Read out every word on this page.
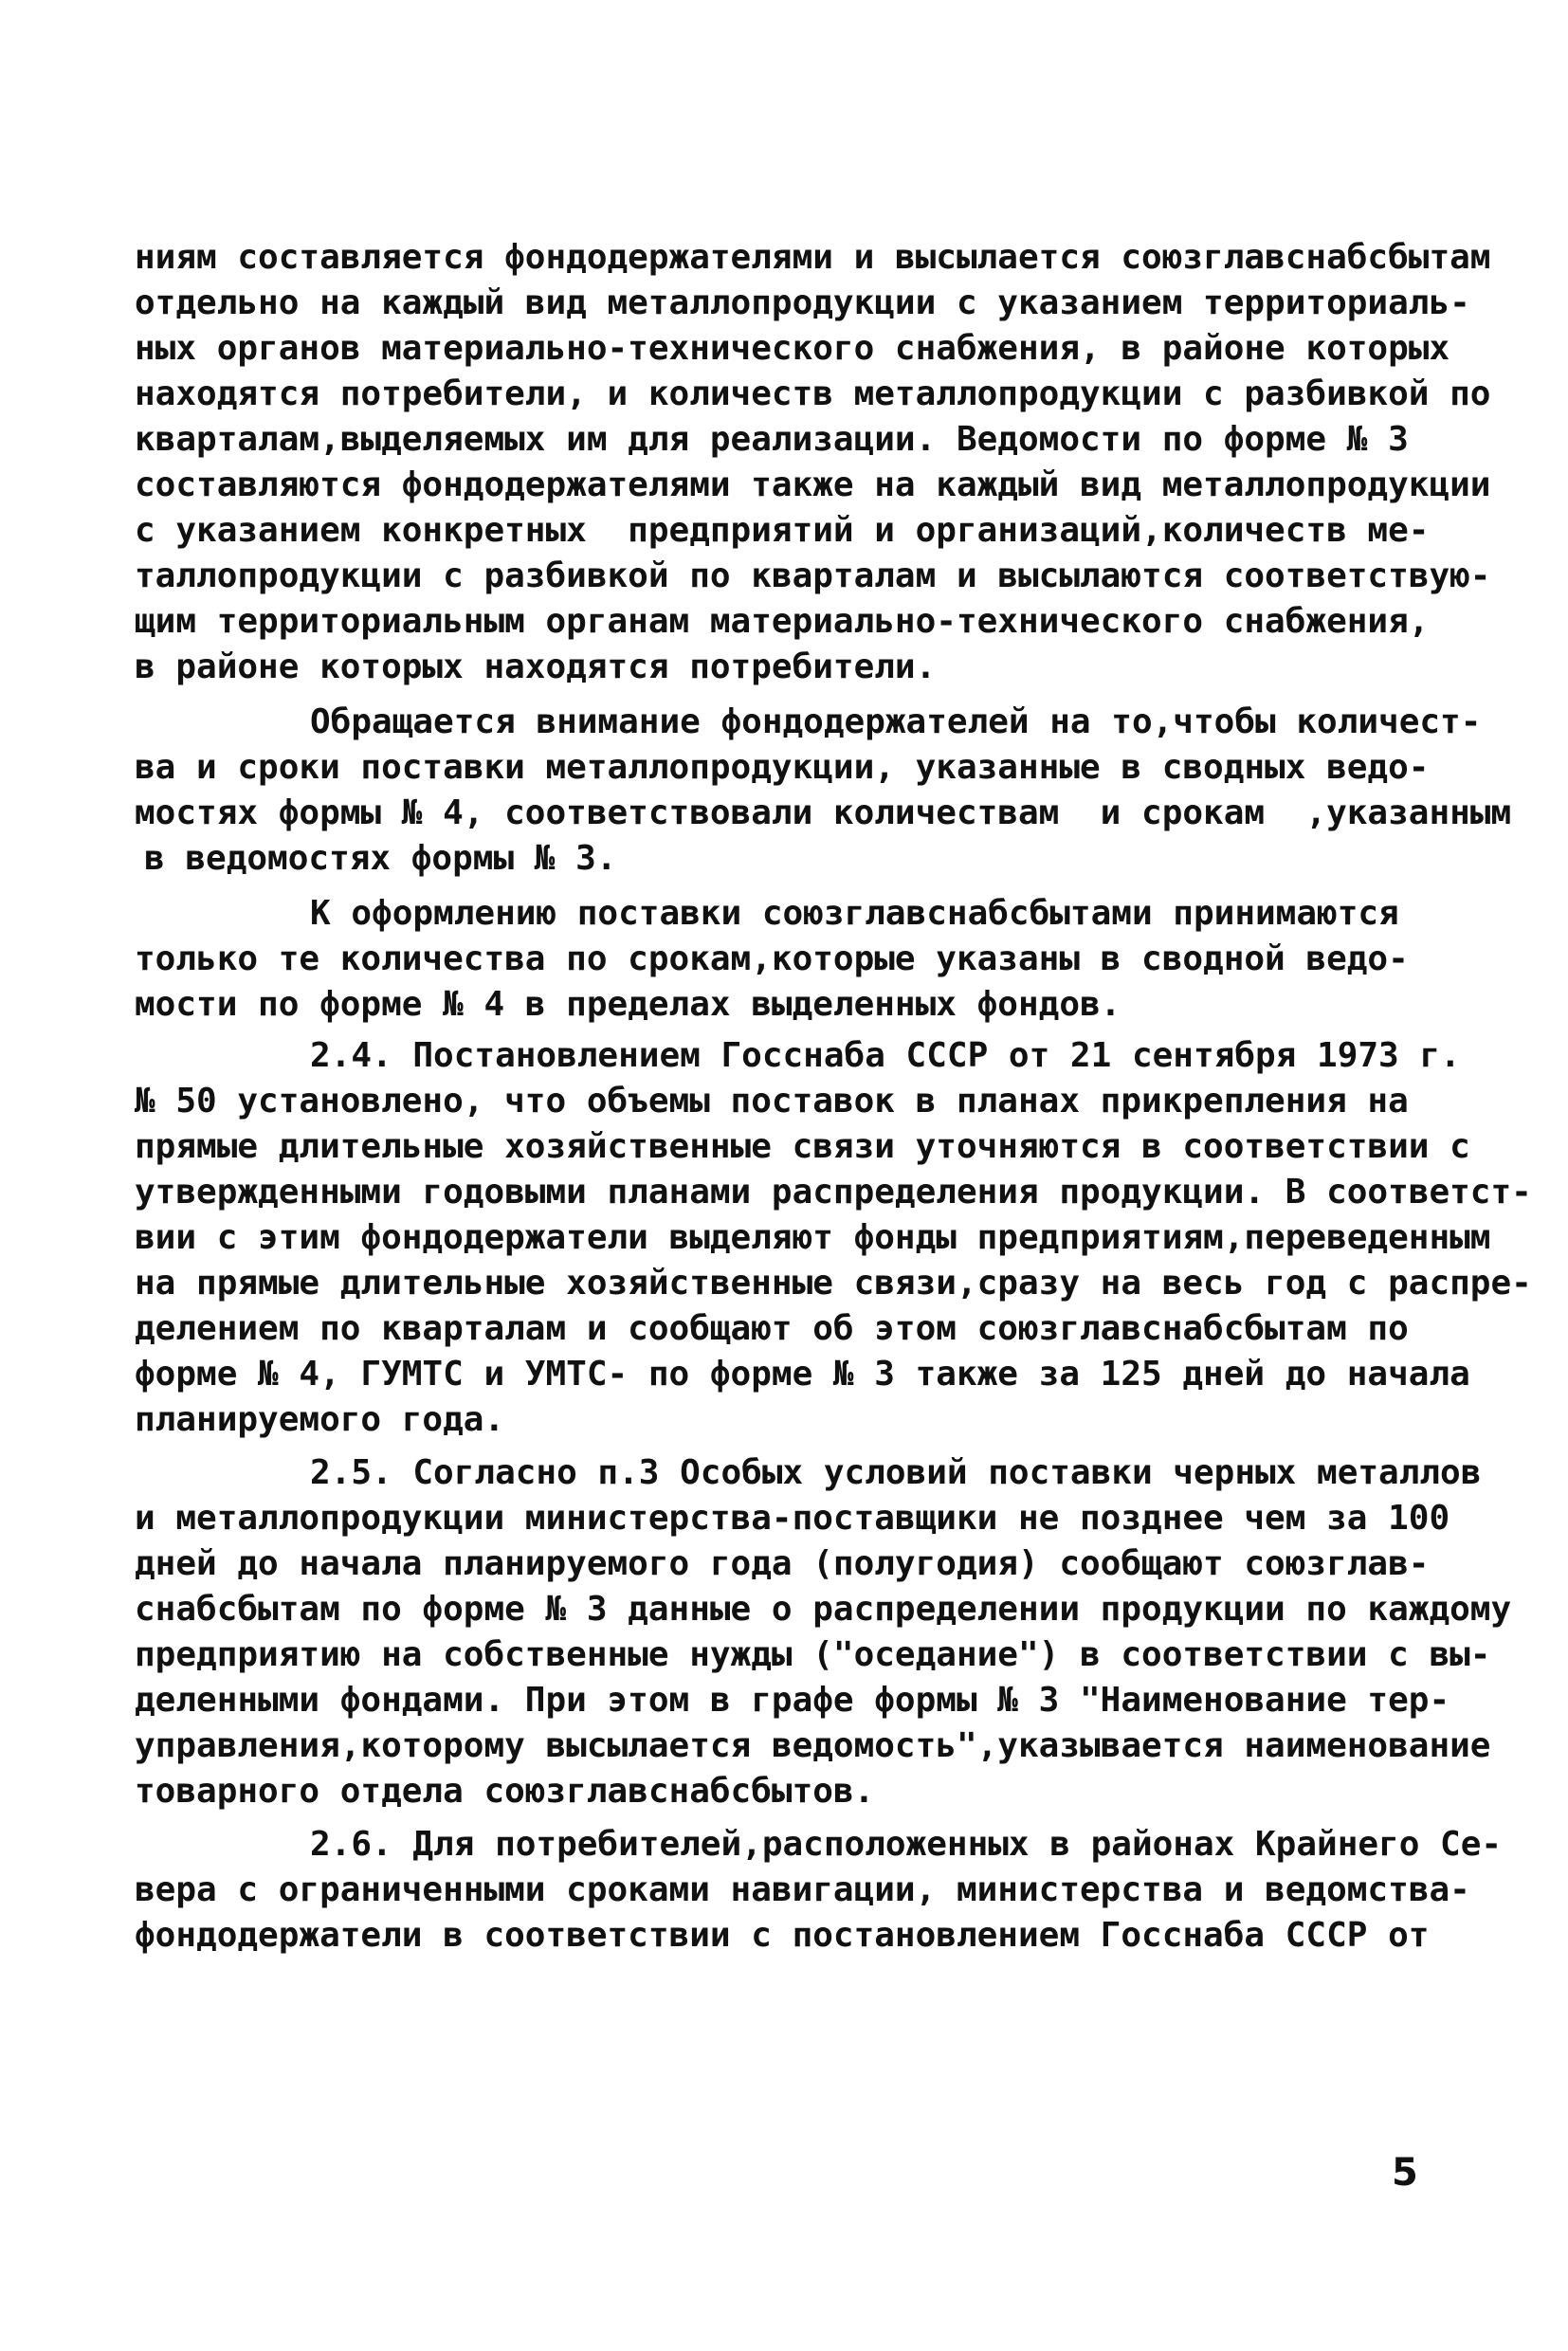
ниям составляется фондодержателями и высылается союзглавснабсбытам
отдельно на каждый вид металлопродукции с указанием территориаль-
ных органов материально-технического снабжения, в районе которых
находятся потребители, и количеств металлопродукции с разбивкой по
кварталам,выделяемых им для реализации. Ведомости по форме № 3
составляются фондодержателями также на каждый вид металлопродукции
с указанием конкретных  предприятий и организаций,количеств ме-
таллопродукции с разбивкой по кварталам и высылаются соответствую-
щим территориальным органам материально-технического снабжения,
в районе которых находятся потребители.
Обращается внимание фондодержателей на то,чтобы количест-
ва и сроки поставки металлопродукции, указанные в сводных ведо-
мостях формы № 4, соответствовали количествам  и срокам  ,указанным
в ведомостях формы № 3.
К оформлению поставки союзглавснабсбытами принимаются
только те количества по срокам,которые указаны в сводной ведо-
мости по форме № 4 в пределах выделенных фондов.
2.4. Постановлением Госснаба СССР от 21 сентября 1973 г.
№ 50 установлено, что объемы поставок в планах прикрепления на
прямые длительные хозяйственные связи уточняются в соответствии с
утвержденными годовыми планами распределения продукции. В соответст-
вии с этим фондодержатели выделяют фонды предприятиям,переведенным
на прямые длительные хозяйственные связи,сразу на весь год с распре-
делением по кварталам и сообщают об этом союзглавснабсбытам по
форме № 4, ГУМТС и УМТС- по форме № 3 также за 125 дней до начала
планируемого года.
2.5. Согласно п.3 Особых условий поставки черных металлов
и металлопродукции министерства-поставщики не позднее чем за 100
дней до начала планируемого года (полугодия) сообщают союзглав-
снабсбытам по форме № 3 данные о распределении продукции по каждому
предприятию на собственные нужды ("оседание") в соответствии с вы-
деленными фондами. При этом в графе формы № 3 "Наименование тер-
управления,которому высылается ведомость",указывается наименование
товарного отдела союзглавснабсбытов.
2.6. Для потребителей,расположенных в районах Крайнего Се-
вера с ограниченными сроками навигации, министерства и ведомства-
фондодержатели в соответствии с постановлением Госснаба СССР от
5
